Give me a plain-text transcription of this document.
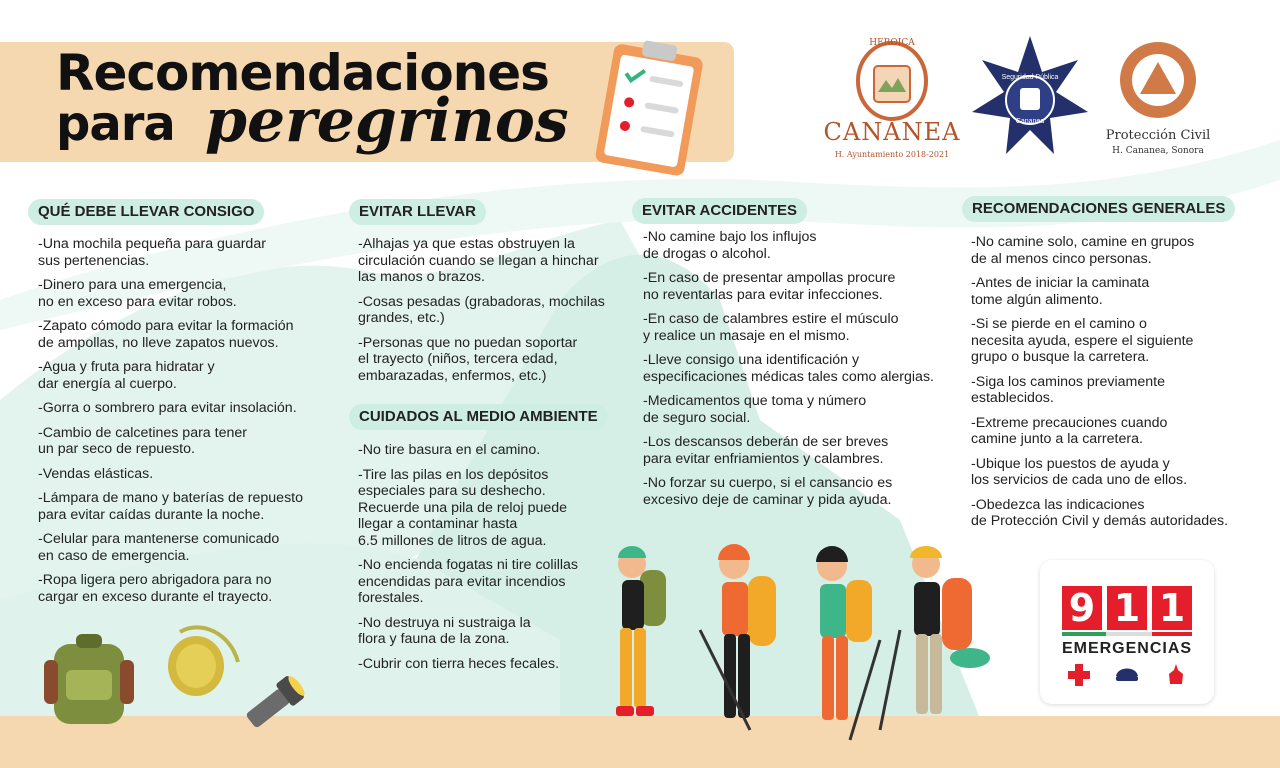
Recomendaciones
para peregrinos
HEROICA
CANANEA
H. Ayuntamiento 2018-2021
Seguridad Pública
Cananea
Protección Civil
H. Cananea, Sonora
QUÉ DEBE LLEVAR CONSIGO
-Una mochila pequeña para guardar
sus pertenencias.
-Dinero para una emergencia,
no en exceso para evitar robos.
-Zapato cómodo para evitar la formación
de ampollas, no lleve zapatos nuevos.
-Agua y fruta para hidratar y
dar energía al cuerpo.
-Gorra o sombrero para evitar insolación.
-Cambio de calcetines para tener
un par seco de repuesto.
-Vendas elásticas.
-Lámpara de mano y baterías de repuesto
para evitar caídas durante la noche.
-Celular para mantenerse comunicado
en caso de emergencia.
-Ropa ligera pero abrigadora para no
cargar en exceso durante el trayecto.
EVITAR LLEVAR
-Alhajas ya que estas obstruyen la
circulación cuando se llegan a hinchar
las manos o brazos.
-Cosas pesadas (grabadoras, mochilas
grandes, etc.)
-Personas que no puedan soportar
el trayecto (niños, tercera edad,
embarazadas, enfermos, etc.)
CUIDADOS AL MEDIO AMBIENTE
-No tire basura en el camino.
-Tire las pilas en los depósitos
especiales para su deshecho.
Recuerde una pila de reloj puede
llegar a contaminar hasta
6.5 millones de litros de agua.
-No encienda fogatas ni tire colillas
encendidas para evitar incendios
forestales.
-No destruya ni sustraiga la
flora y fauna de la zona.
-Cubrir con tierra heces fecales.
EVITAR ACCIDENTES
-No camine bajo los influjos
de drogas o alcohol.
-En caso de presentar ampollas procure
no reventarlas para evitar infecciones.
-En caso de calambres estire el músculo
y realice un masaje en el mismo.
-Lleve consigo una identificación y
especificaciones médicas tales como alergias.
-Medicamentos que toma y número
de seguro social.
-Los descansos deberán de ser breves
para evitar enfriamientos y calambres.
-No forzar su cuerpo, si el cansancio es
excesivo deje de caminar y pida ayuda.
RECOMENDACIONES GENERALES
-No camine solo, camine en grupos
de al menos cinco personas.
-Antes de iniciar la caminata
tome algún alimento.
-Si se pierde en el camino o
necesita ayuda, espere el siguiente
grupo o busque la carretera.
-Siga los caminos previamente
establecidos.
-Extreme precauciones cuando
camine junto a la carretera.
-Ubique los puestos de ayuda y
los servicios de cada uno de ellos.
-Obedezca las indicaciones
de Protección Civil y demás autoridades.
9 1 1
EMERGENCIAS
